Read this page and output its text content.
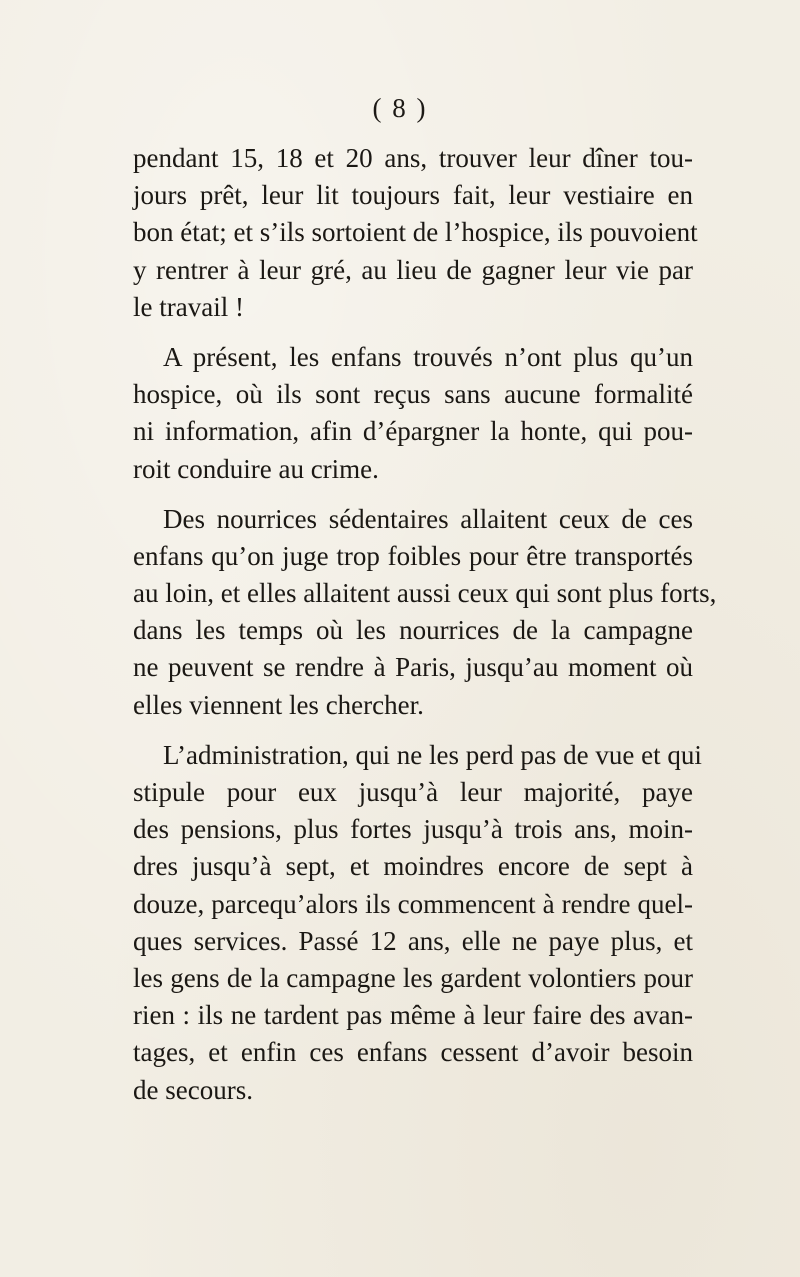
( 8 )
pendant 15, 18 et 20 ans, trouver leur dîner tou-
jours prêt, leur lit toujours fait, leur vestiaire en
bon état; et s’ils sortoient de l’hospice, ils pouvoient
y rentrer à leur gré, au lieu de gagner leur vie par
le travail !
A présent, les enfans trouvés n’ont plus qu’un
hospice, où ils sont reçus sans aucune formalité
ni information, afin d’épargner la honte, qui pou-
roit conduire au crime.
Des nourrices sédentaires allaitent ceux de ces
enfans qu’on juge trop foibles pour être transportés
au loin, et elles allaitent aussi ceux qui sont plus forts,
dans les temps où les nourrices de la campagne
ne peuvent se rendre à Paris, jusqu’au moment où
elles viennent les chercher.
L’administration, qui ne les perd pas de vue et qui
stipule pour eux jusqu’à leur majorité, paye
des pensions, plus fortes jusqu’à trois ans, moin-
dres jusqu’à sept, et moindres encore de sept à
douze, parcequ’alors ils commencent à rendre quel-
ques services. Passé 12 ans, elle ne paye plus, et
les gens de la campagne les gardent volontiers pour
rien : ils ne tardent pas même à leur faire des avan-
tages, et enfin ces enfans cessent d’avoir besoin
de secours.
